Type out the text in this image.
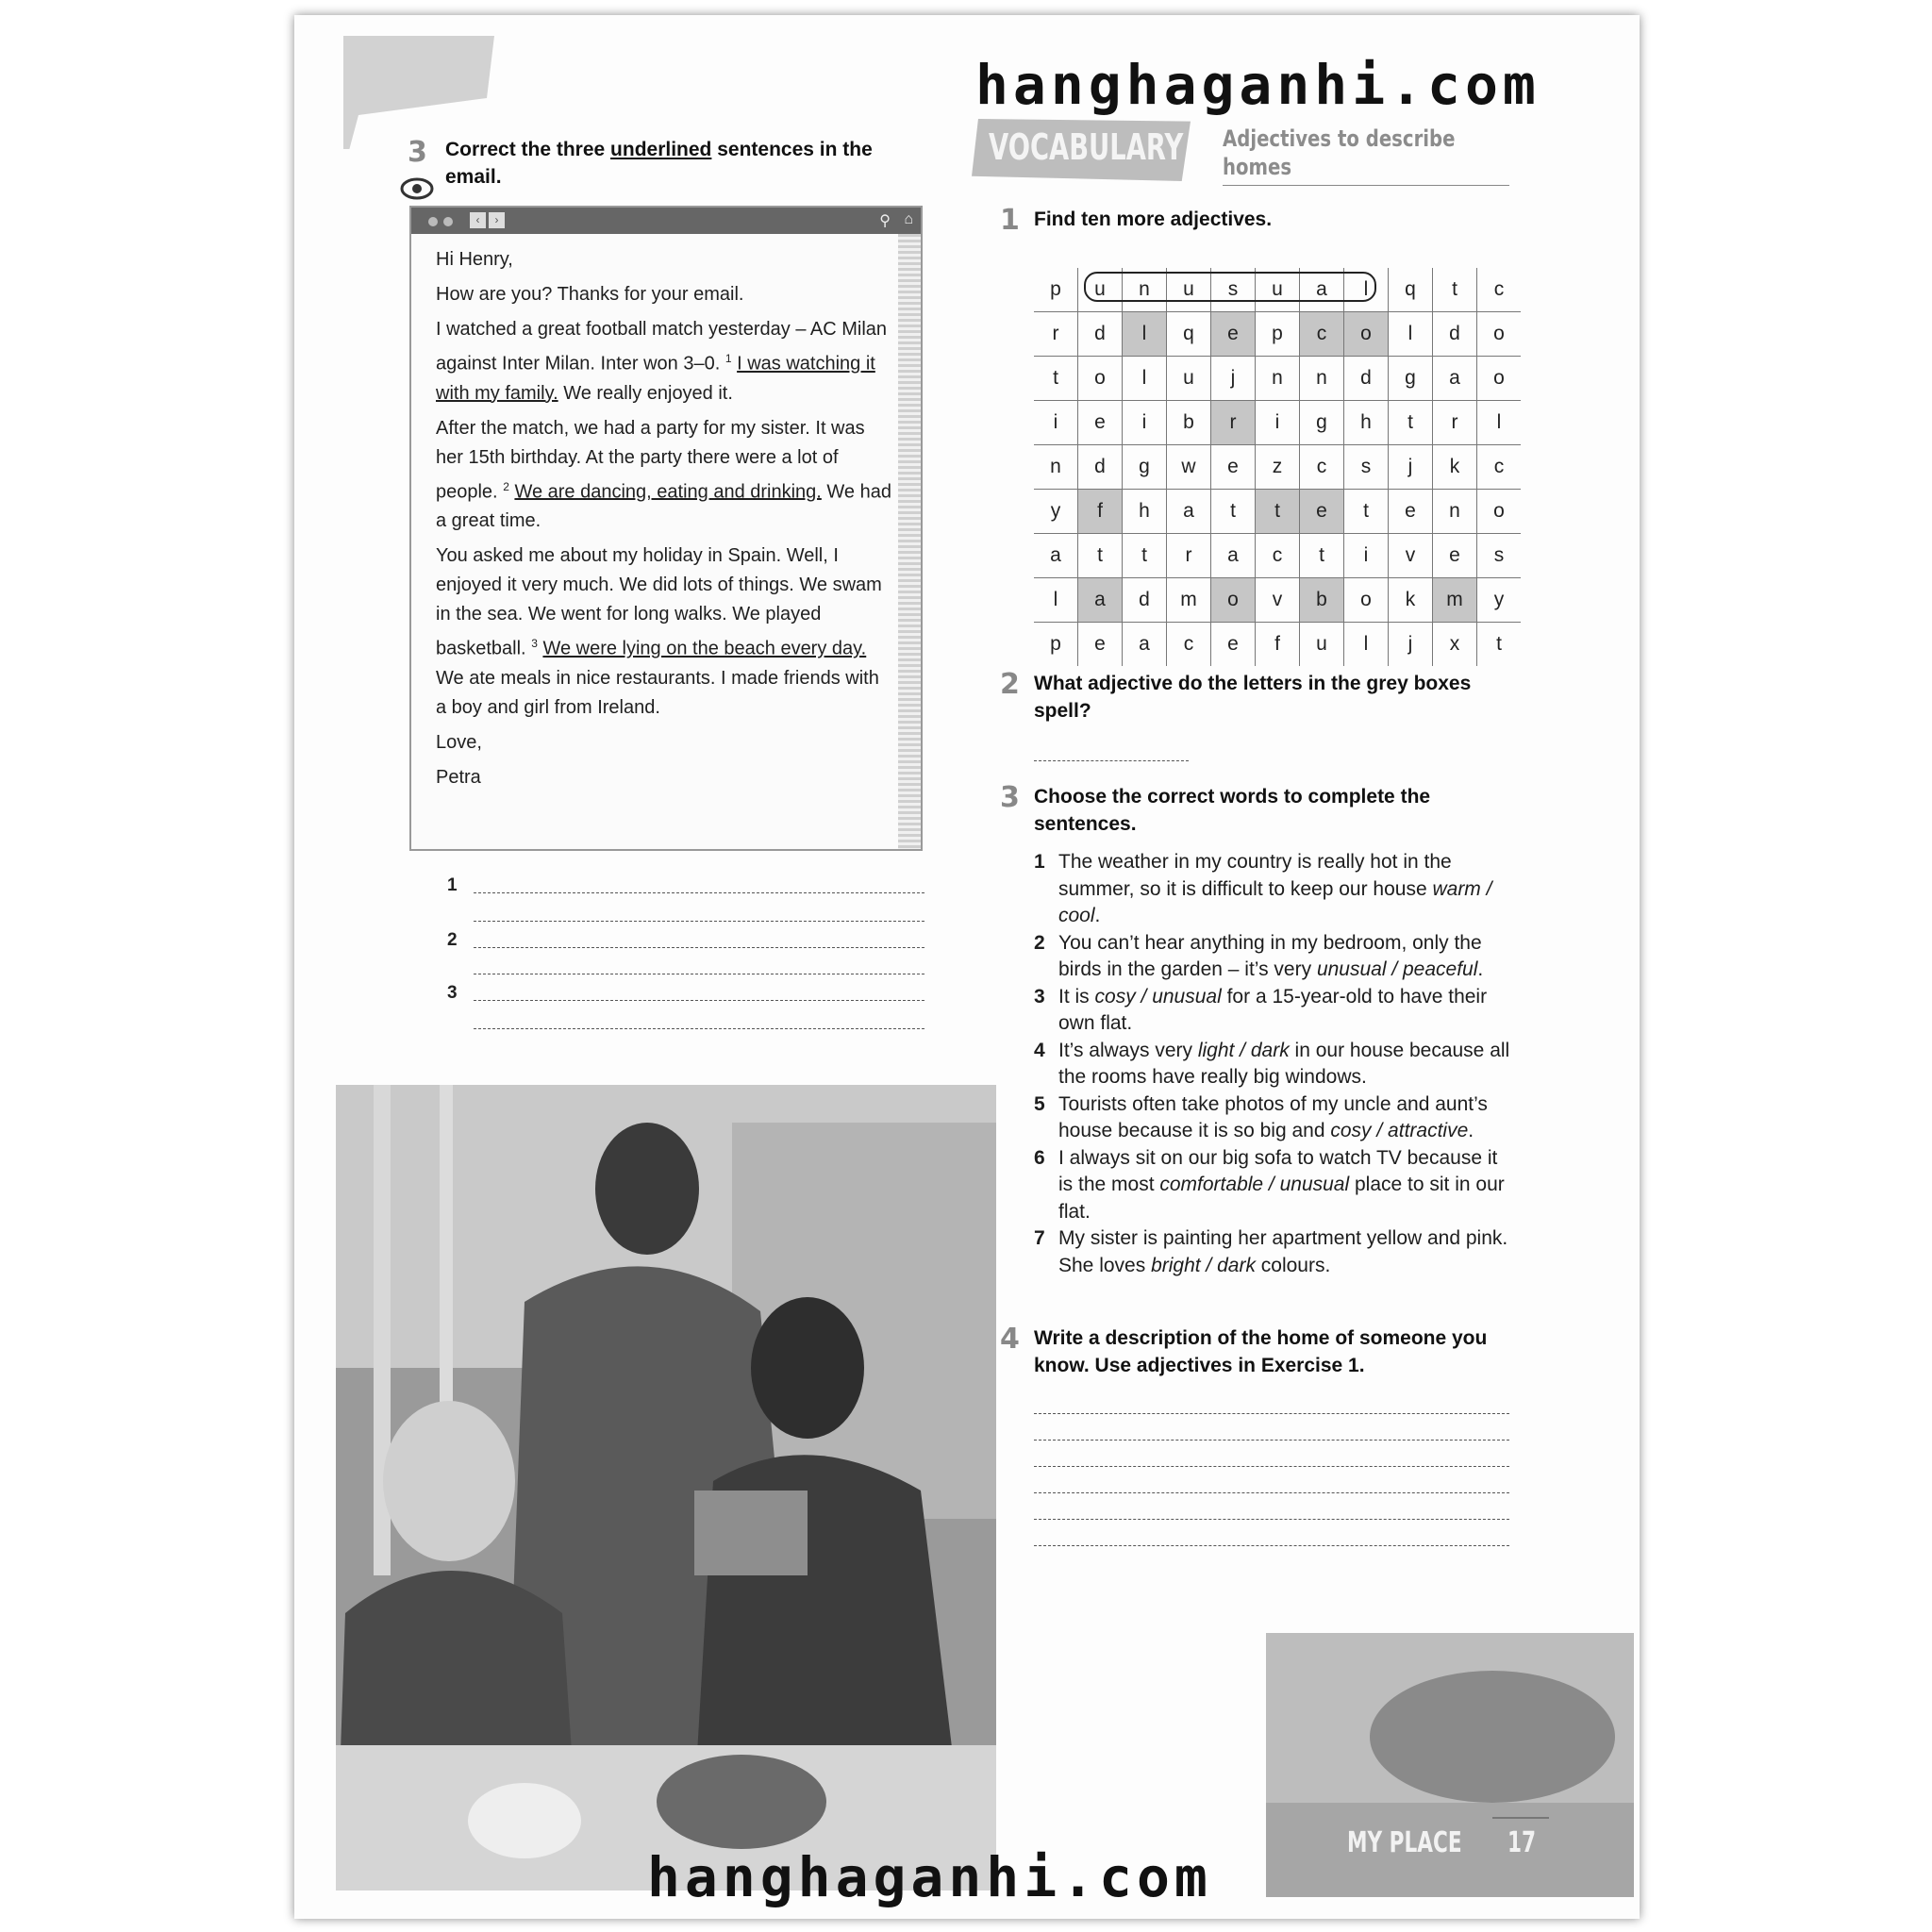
3 Correct the three underlined sentences in the email.
‹	›	⚲ ⌂

Hi Henry,

How are you? Thanks for your email.

I watched a great football match yesterday – AC Milan against Inter Milan. Inter won 3–0. $^1$ I was watching it with my family. We really enjoyed it.

After the match, we had a party for my sister. It was her 15th birthday. At the party there were a lot of people. $^2$ We are dancing, eating and drinking. We had a great time.

You asked me about my holiday in Spain. Well, I enjoyed it very much. We did lots of things. We swam in the sea. We went for long walks. We played basketball. $^3$ We were lying on the beach every day. We ate meals in nice restaurants. I made friends with a boy and girl from Ireland.

Love,

Petra

1
2
3
VOCABULARY Adjectives to describe homes
1 Find ten more adjectives.
p	u	n	u	s	u	a	l	q	t	c
r	d	l	q	e	p	c	o	l	d	o
t	o	l	u	j	n	n	d	g	a	o
i	e	i	b	r	i	g	h	t	r	l
n	d	g	w	e	z	c	s	j	k	c
y	f	h	a	t	t	e	t	e	n	o
a	t	t	r	a	c	t	i	v	e	s
l	a	d	m	o	v	b	o	k	m	y
p	e	a	c	e	f	u	l	j	x	t
2 What adjective do the letters in the grey boxes spell?
3 Choose the correct words to complete the sentences.
1 The weather in my country is really hot in the summer, so it is difficult to keep our house warm / cool.
2 You can’t hear anything in my bedroom, only the birds in the garden – it’s very unusual / peaceful.
3 It is cosy / unusual for a 15-year-old to have their own flat.
4 It’s always very light / dark in our house because all the rooms have really big windows.
5 Tourists often take photos of my uncle and aunt’s house because it is so big and cosy / attractive.
6 I always sit on our big sofa to watch TV because it is the most comfortable / unusual place to sit in our flat.
7 My sister is painting her apartment yellow and pink. She loves bright / dark colours.
4 Write a description of the home of someone you know. Use adjectives in Exercise 1.
MY PLACE 17
hanghaganhi.com
hanghaganhi.com
